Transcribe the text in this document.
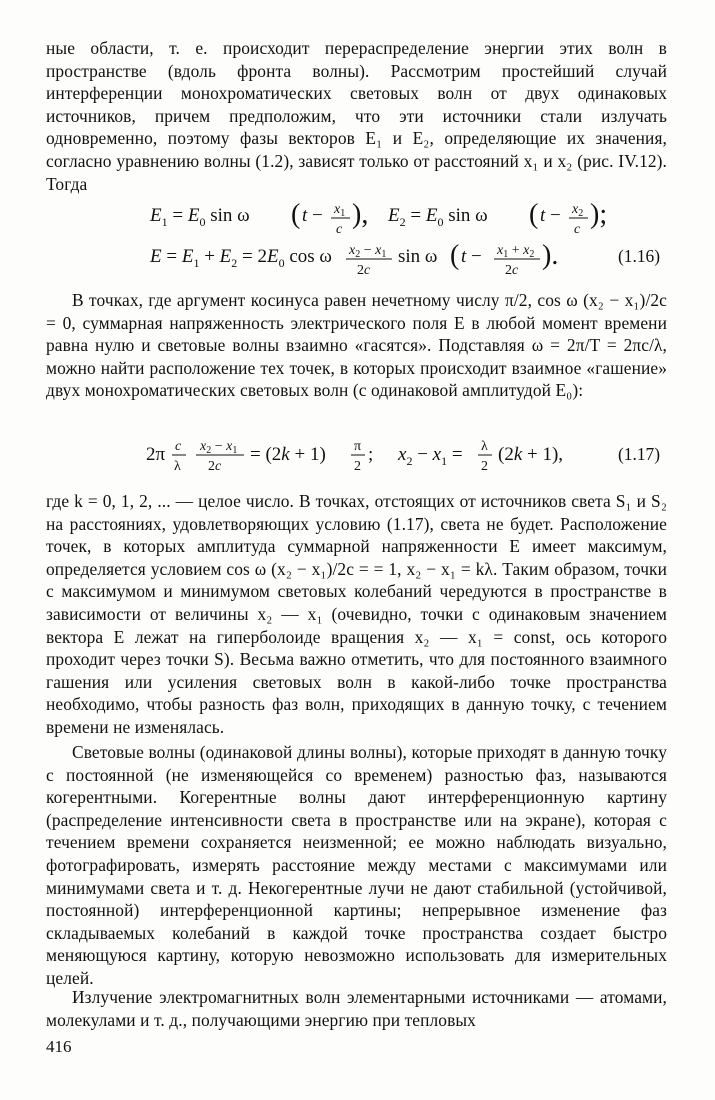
ные области, т. е. происходит перераспределение энергии этих волн в пространстве (вдоль фронта волны). Рассмотрим простейший случай интерференции монохроматических световых волн от двух одинаковых источников, причем предположим, что эти источники стали излучать одновременно, поэтому фазы векторов E₁ и E₂, определяющие их значения, согласно уравнению волны (1.2), зависят только от расстояний x₁ и x₂ (рис. IV.12). Тогда

$E_1 = E_0$ sin ω ( $t - x_1$
c ), $E_2 = E_0$ sin ω ( $t - x_2$
c );
$E = E_1 + E_2 = 2E_0$ cos ω $x_2 - x_1$
2c
sin ω ( $t - x_1 + x_2$
2c ).	(1.16)

В точках, где аргумент косинуса равен нечетному числу π/2, cos ω (x₂ − x₁)/2c = 0, суммарная напряженность электрического поля E в любой момент времени равна нулю и световые волны взаимно «гасятся». Подставляя ω = 2π/T = 2πc/λ, можно найти расположение тех точек, в которых происходит взаимное «гашение» двух монохроматических световых волн (с одинаковой амплитудой E₀):

2π c
λ
$x_2 - x_1$
2c
= (2k + 1) π
2
; $x_2 - x_1 = \lambda$
2
(2k + 1),	(1.17)

где k = 0, 1, 2, ... — целое число. В точках, отстоящих от источников света S₁ и S₂ на расстояниях, удовлетворяющих условию (1.17), света не будет. Расположение точек, в которых амплитуда суммарной напряженности E имеет максимум, определяется условием cos ω (x₂ − x₁)/2c = = 1, x₂ − x₁ = kλ. Таким образом, точки с максимумом и минимумом световых колебаний чередуются в пространстве в зависимости от величины x₂ — x₁ (очевидно, точки с одинаковым значением вектора E лежат на гиперболоиде вращения x₂ — x₁ = const, ось которого проходит через точки S). Весьма важно отметить, что для постоянного взаимного гашения или усиления световых волн в какой-либо точке пространства необходимо, чтобы разность фаз волн, приходящих в данную точку, с течением времени не изменялась.

Световые волны (одинаковой длины волны), которые приходят в данную точку с постоянной (не изменяющейся со временем) разностью фаз, называются когерентными. Когерентные волны дают интерференционную картину (распределение интенсивности света в пространстве или на экране), которая с течением времени сохраняется неизменной; ее можно наблюдать визуально, фотографировать, измерять расстояние между местами с максимумами или минимумами света и т. д. Некогерентные лучи не дают стабильной (устойчивой, постоянной) интерференционной картины; непрерывное изменение фаз складываемых колебаний в каждой точке пространства создает быстро меняющуюся картину, которую невозможно использовать для измерительных целей.

Излучение электромагнитных волн элементарными источниками — атомами, молекулами и т. д., получающими энергию при тепловых

416
